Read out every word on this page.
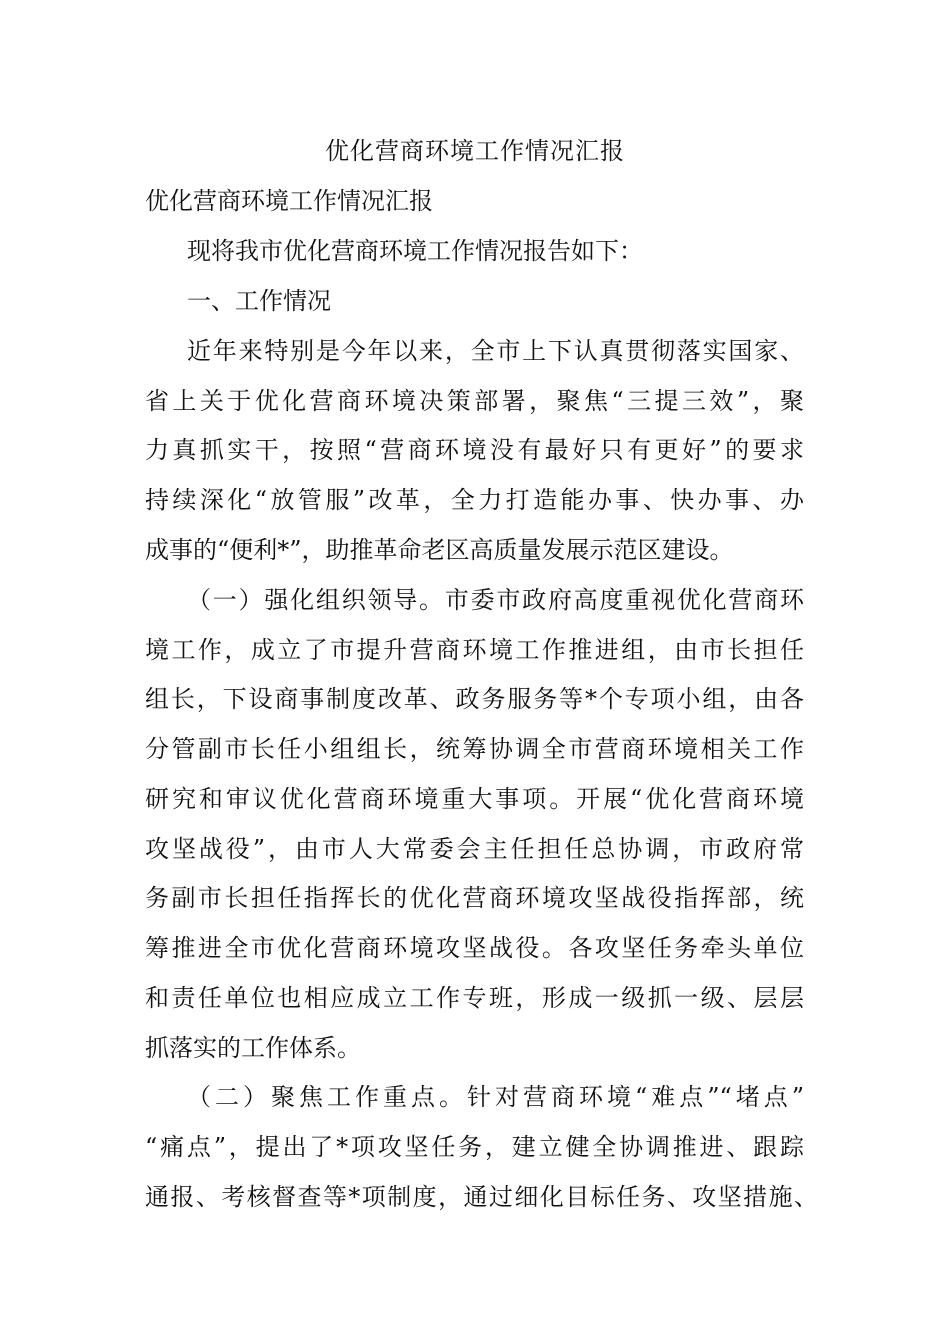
优化营商环境工作情况汇报
优化营商环境工作情况汇报
现将我市优化营商环境工作情况报告如下：
一、工作情况
近年来特别是今年以来，全市上下认真贯彻落实国家、
省上关于优化营商环境决策部署，聚焦“三提三效”，聚
力真抓实干，按照“营商环境没有最好只有更好”的要求
持续深化“放管服”改革，全力打造能办事、快办事、办
成事的“便利*”，助推革命老区高质量发展示范区建设。
（一）强化组织领导。市委市政府高度重视优化营商环
境工作，成立了市提升营商环境工作推进组，由市长担任
组长，下设商事制度改革、政务服务等*个专项小组，由各
分管副市长任小组组长，统筹协调全市营商环境相关工作
研究和审议优化营商环境重大事项。开展“优化营商环境
攻坚战役”，由市人大常委会主任担任总协调，市政府常
务副市长担任指挥长的优化营商环境攻坚战役指挥部，统
筹推进全市优化营商环境攻坚战役。各攻坚任务牵头单位
和责任单位也相应成立工作专班，形成一级抓一级、层层
抓落实的工作体系。
（二）聚焦工作重点。针对营商环境“难点”“堵点”
“痛点”，提出了*项攻坚任务，建立健全协调推进、跟踪
通报、考核督查等*项制度，通过细化目标任务、攻坚措施、
